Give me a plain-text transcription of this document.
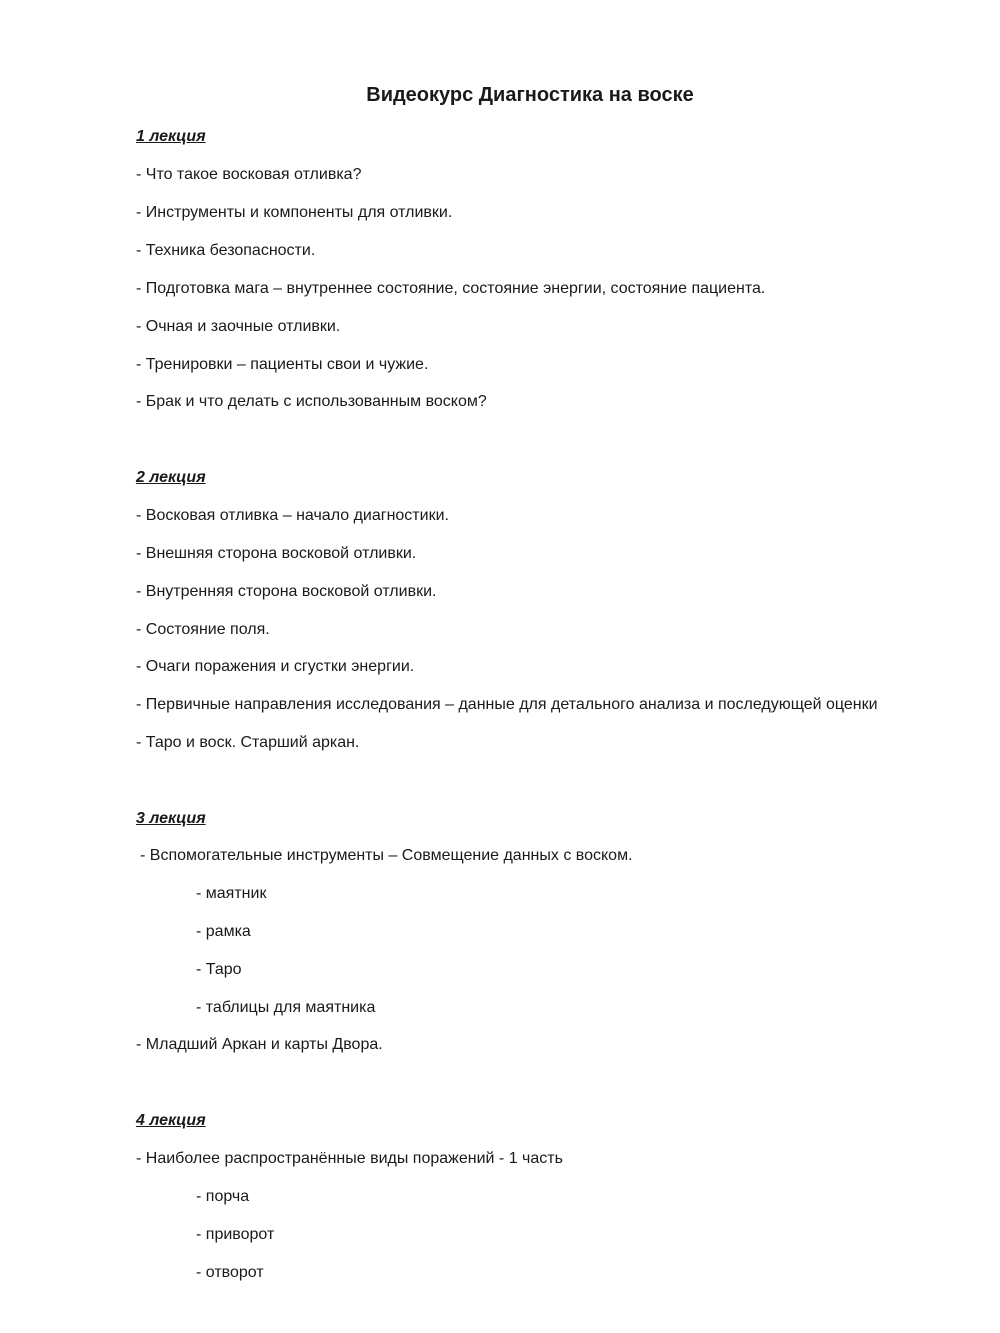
Видеокурс Диагностика на воске
1 лекция
- Что такое восковая отливка?
- Инструменты и компоненты для отливки.
- Техника безопасности.
- Подготовка мага – внутреннее состояние, состояние энергии, состояние пациента.
- Очная и заочные отливки.
- Тренировки – пациенты свои и чужие.
- Брак и что делать с использованным воском?
2 лекция
- Восковая отливка – начало диагностики.
- Внешняя сторона восковой отливки.
- Внутренняя сторона восковой отливки.
- Состояние поля.
- Очаги поражения и сгустки энергии.
- Первичные направления исследования – данные для детального анализа и последующей оценки
- Таро и воск. Старший аркан.
3 лекция
- Вспомогательные инструменты – Совмещение данных с воском.
- маятник
- рамка
- Таро
- таблицы для маятника
- Младший Аркан и карты Двора.
4 лекция
- Наиболее распространённые виды поражений - 1 часть
- порча
- приворот
- отворот
